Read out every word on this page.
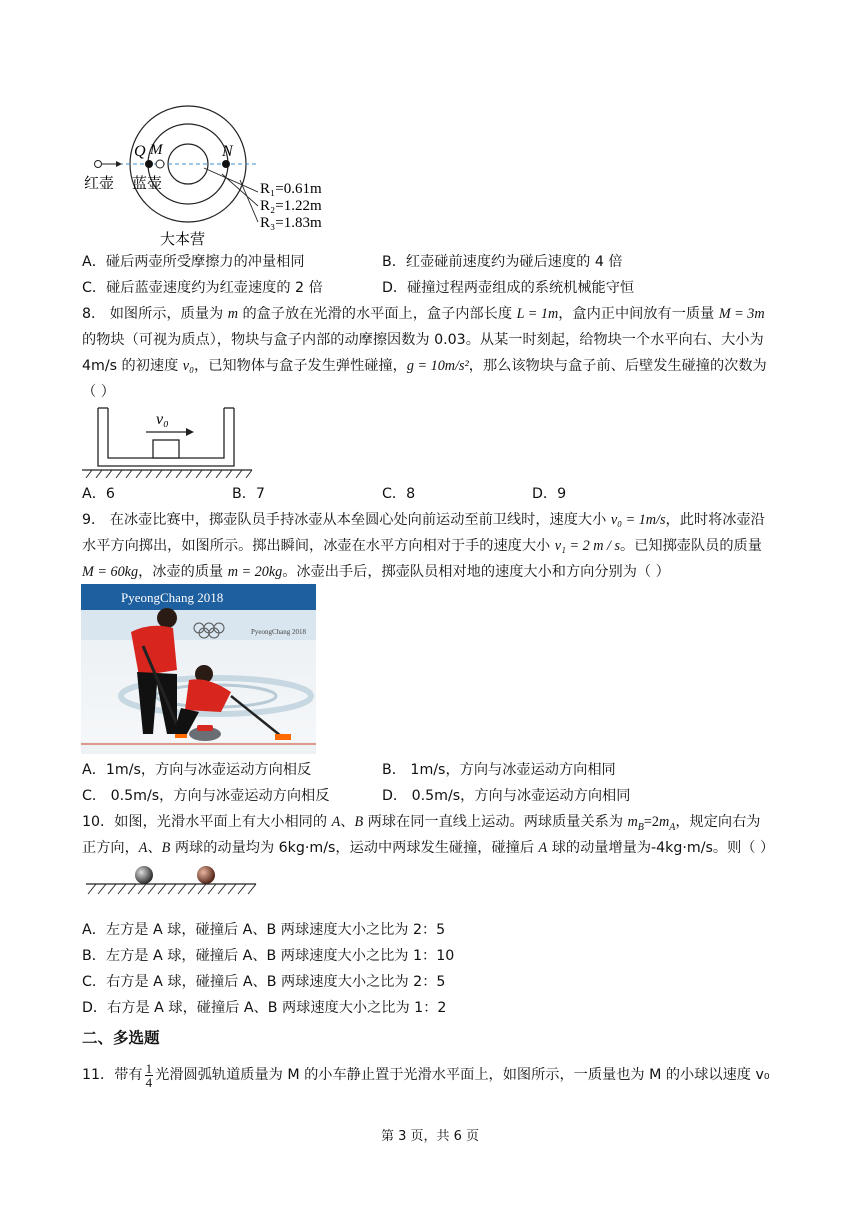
Q M	N
红壶 蓝壶	R₁=0.61m
R₂=1.22m
R₃=1.83m
大本营
A．碰后两壶所受摩擦力的冲量相同	B．红壶碰前速度约为碰后速度的 4 倍
C．碰后蓝壶速度约为红壶速度的 2 倍	D．碰撞过程两壶组成的系统机械能守恒
8． 如图所示，质量为 m 的盒子放在光滑的水平面上，盒子内部长度 L = 1m，盒内正中间放有一质量 M = 3m
的物块（可视为质点），物块与盒子内部的动摩擦因数为 0.03。从某一时刻起，给物块一个水平向右、大小为
4m/s 的初速度 v₀，已知物体与盒子发生弹性碰撞，g = 10m/s²，那么该物块与盒子前、后壁发生碰撞的次数为
（ ）
v₀
A．6	B．7	C．8	D．9
9． 在冰壶比赛中，掷壶队员手持冰壶从本垒圆心处向前运动至前卫线时，速度大小 v₀ = 1m/s，此时将冰壶沿
水平方向掷出，如图所示。掷出瞬间，冰壶在水平方向相对于手的速度大小 v₁ = 2 m / s。已知掷壶队员的质量
M = 60kg，冰壶的质量 m = 20kg。冰壶出手后，掷壶队员相对地的速度大小和方向分别为（ ）
PyeongChang 2018
PyeongChang 2018
A．1m/s，方向与冰壶运动方向相反	B． 1m/s，方向与冰壶运动方向相同
C． 0.5m/s，方向与冰壶运动方向相反	D． 0.5m/s，方向与冰壶运动方向相同
10．如图，光滑水平面上有大小相同的 A、B 两球在同一直线上运动。两球质量关系为 $m_B=2m_A$，规定向右为
正方向，A、B 两球的动量均为 6kg·m/s，运动中两球发生碰撞，碰撞后 A 球的动量增量为-4kg·m/s。则（ ）
A．左方是 A 球，碰撞后 A、B 两球速度大小之比为 2：5
B．左方是 A 球，碰撞后 A、B 两球速度大小之比为 1：10
C．右方是 A 球，碰撞后 A、B 两球速度大小之比为 2：5
D．右方是 A 球，碰撞后 A、B 两球速度大小之比为 1：2
二、多选题
11．带有 $\frac{1}{4}$ 光滑圆弧轨道质量为 M 的小车静止置于光滑水平面上，如图所示，一质量也为 M 的小球以速度 v₀
第 3 页，共 6 页
